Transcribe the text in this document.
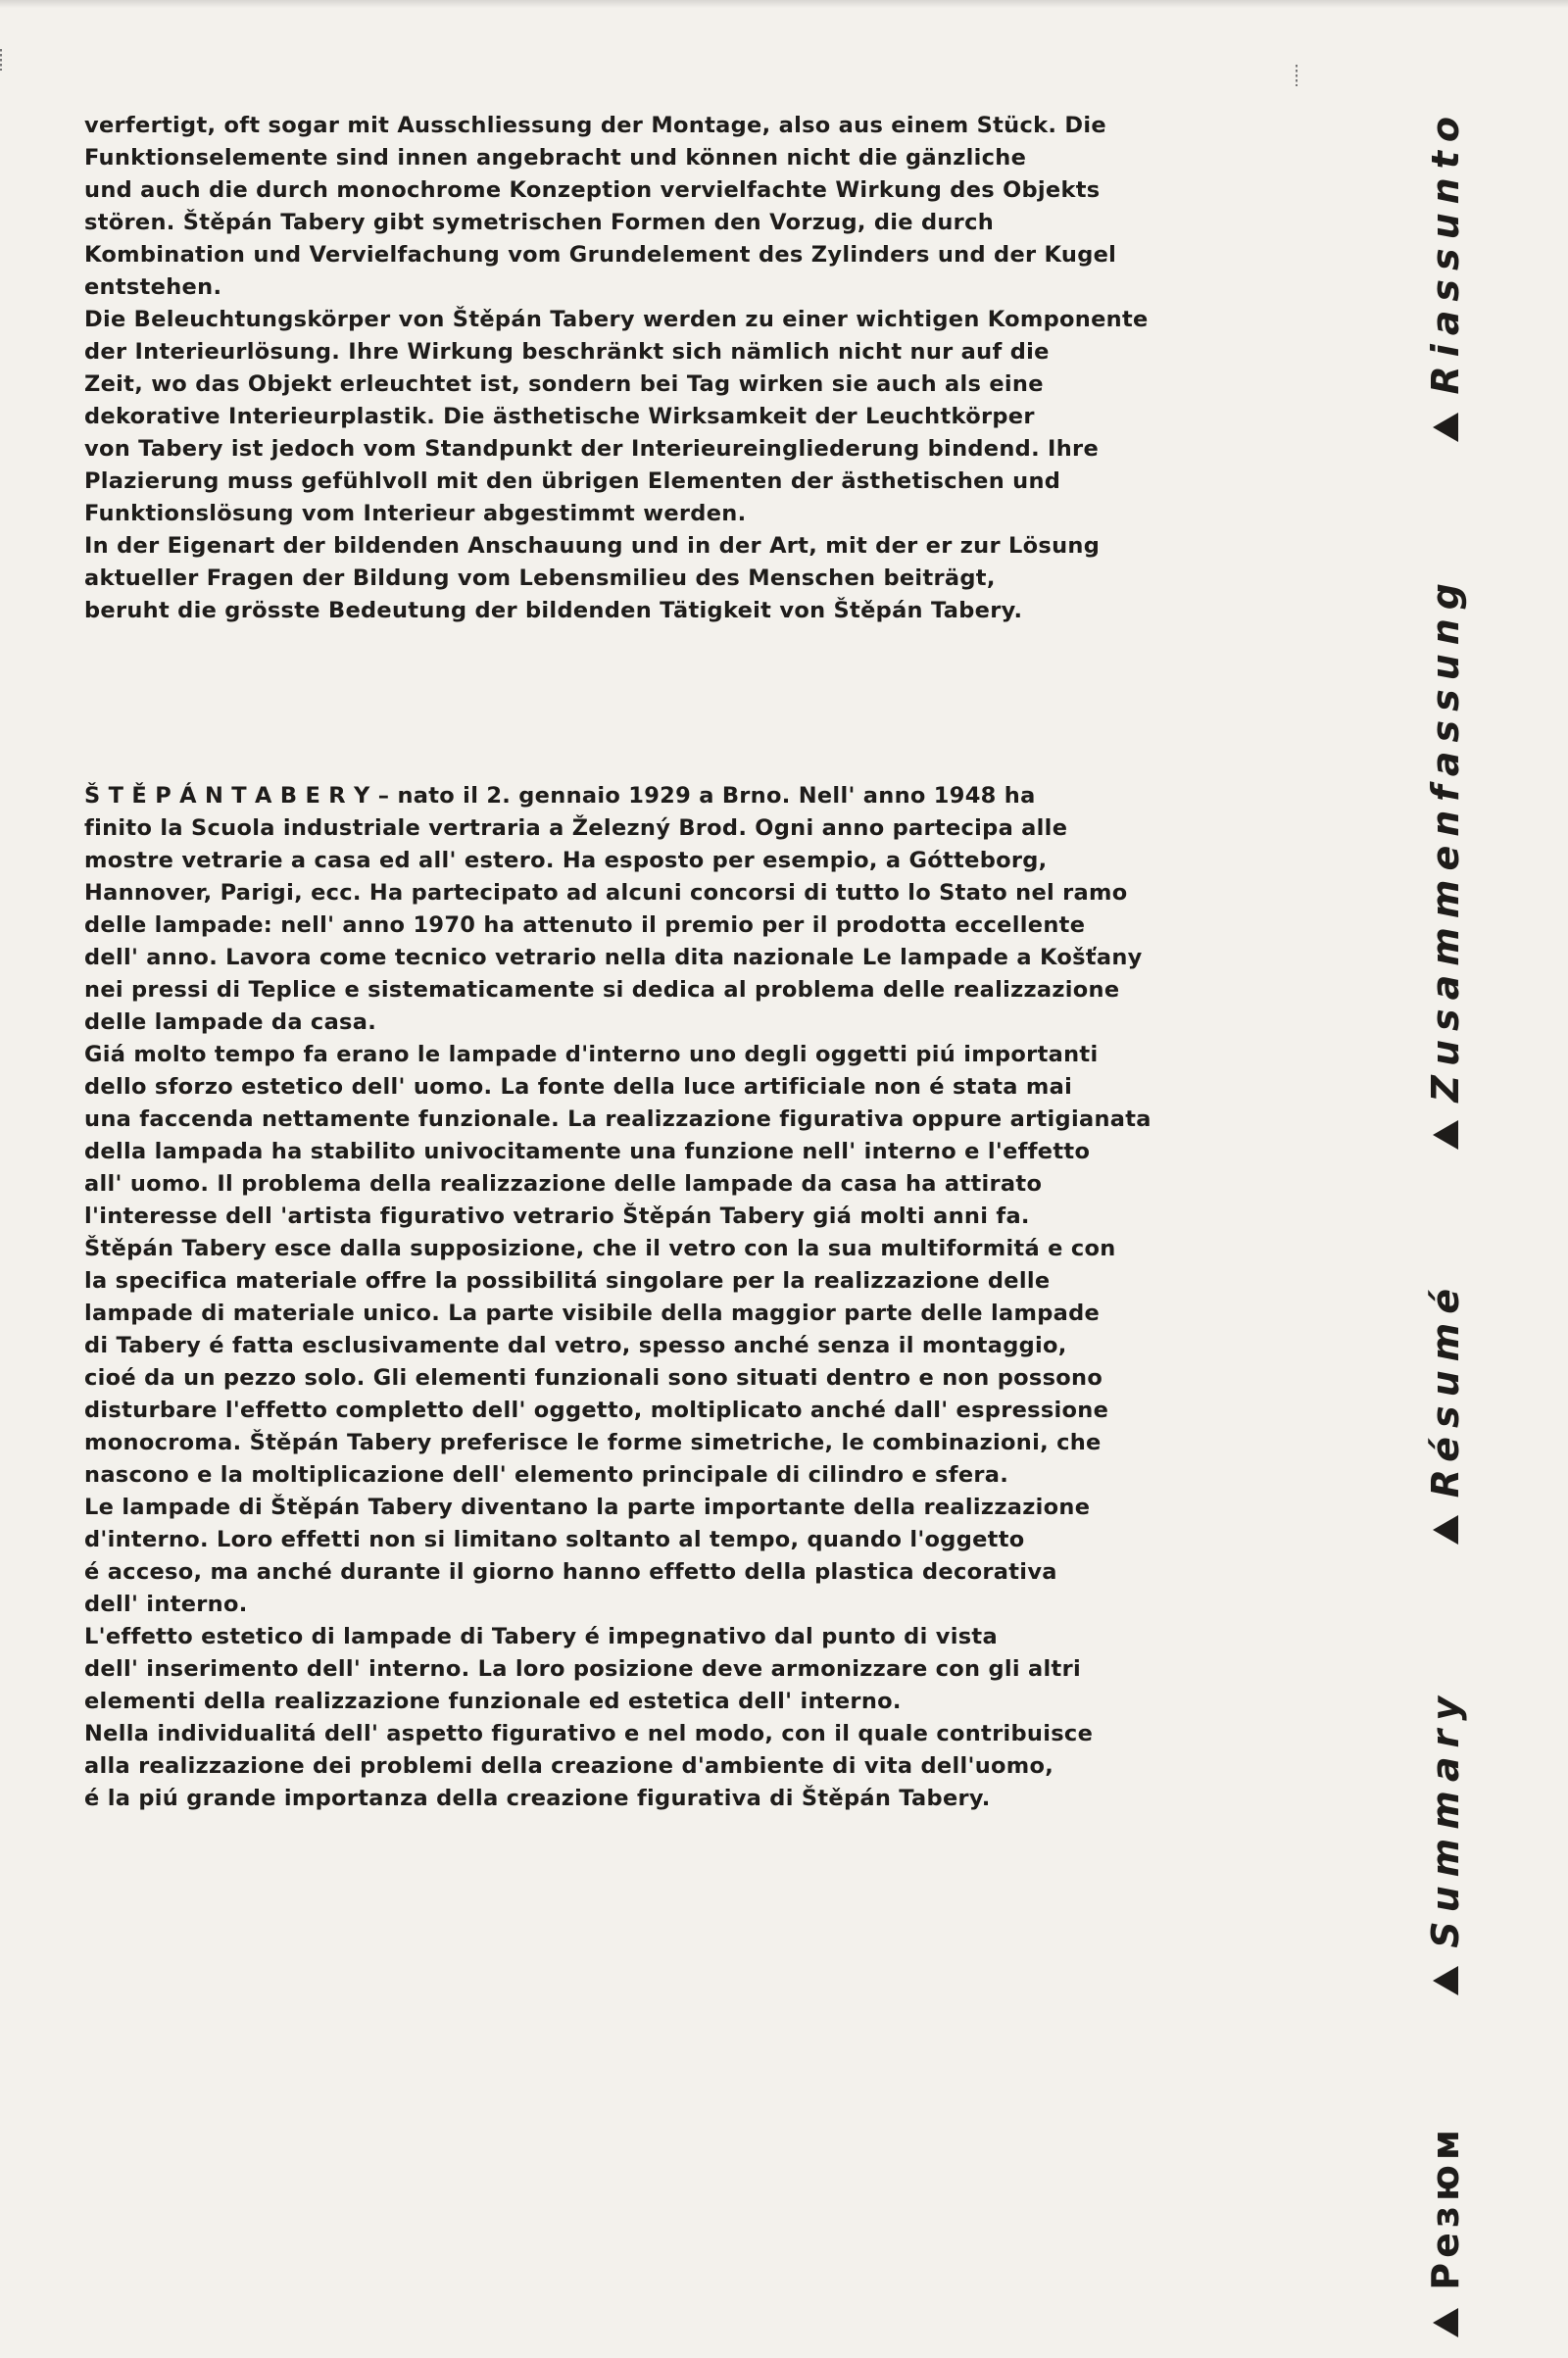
verfertigt, oft sogar mit Ausschliessung der Montage, also aus einem Stück. Die
Funktionselemente sind innen angebracht und können nicht die gänzliche
und auch die durch monochrome Konzeption vervielfachte Wirkung des Objekts
stören. Štěpán Tabery gibt symetrischen Formen den Vorzug, die durch
Kombination und Vervielfachung vom Grundelement des Zylinders und der Kugel
entstehen.
Die Beleuchtungskörper von Štěpán Tabery werden zu einer wichtigen Komponente
der Interieurlösung. Ihre Wirkung beschränkt sich nämlich nicht nur auf die
Zeit, wo das Objekt erleuchtet ist, sondern bei Tag wirken sie auch als eine
dekorative Interieurplastik. Die ästhetische Wirksamkeit der Leuchtkörper
von Tabery ist jedoch vom Standpunkt der Interieureingliederung bindend. Ihre
Plazierung muss gefühlvoll mit den übrigen Elementen der ästhetischen und
Funktionslösung vom Interieur abgestimmt werden.
In der Eigenart der bildenden Anschauung und in der Art, mit der er zur Lösung
aktueller Fragen der Bildung vom Lebensmilieu des Menschen beiträgt,
beruht die grösste Bedeutung der bildenden Tätigkeit von Štěpán Tabery.
Š T Ě P Á N T A B E R Y – nato il 2. gennaio 1929 a Brno. Nell' anno 1948 ha
finito la Scuola industriale vertraria a Železný Brod. Ogni anno partecipa alle
mostre vetrarie a casa ed all' estero. Ha esposto per esempio, a Gótteborg,
Hannover, Parigi, ecc. Ha partecipato ad alcuni concorsi di tutto lo Stato nel ramo
delle lampade: nell' anno 1970 ha attenuto il premio per il prodotta eccellente
dell' anno. Lavora come tecnico vetrario nella dita nazionale Le lampade a Košťany
nei pressi di Teplice e sistematicamente si dedica al problema delle realizzazione
delle lampade da casa.
Giá molto tempo fa erano le lampade d'interno uno degli oggetti piú importanti
dello sforzo estetico dell' uomo. La fonte della luce artificiale non é stata mai
una faccenda nettamente funzionale. La realizzazione figurativa oppure artigianata
della lampada ha stabilito univocitamente una funzione nell' interno e l'effetto
all' uomo. Il problema della realizzazione delle lampade da casa ha attirato
l'interesse dell 'artista figurativo vetrario Štěpán Tabery giá molti anni fa.
Štěpán Tabery esce dalla supposizione, che il vetro con la sua multiformitá e con
la specifica materiale offre la possibilitá singolare per la realizzazione delle
lampade di materiale unico. La parte visibile della maggior parte delle lampade
di Tabery é fatta esclusivamente dal vetro, spesso anché senza il montaggio,
cioé da un pezzo solo. Gli elementi funzionali sono situati dentro e non possono
disturbare l'effetto completto dell' oggetto, moltiplicato anché dall' espressione
monocroma. Štěpán Tabery preferisce le forme simetriche, le combinazioni, che
nascono e la moltiplicazione dell' elemento principale di cilindro e sfera.
Le lampade di Štěpán Tabery diventano la parte importante della realizzazione
d'interno. Loro effetti non si limitano soltanto al tempo, quando l'oggetto
é acceso, ma anché durante il giorno hanno effetto della plastica decorativa
dell' interno.
L'effetto estetico di lampade di Tabery é impegnativo dal punto di vista
dell' inserimento dell' interno. La loro posizione deve armonizzare con gli altri
elementi della realizzazione funzionale ed estetica dell' interno.
Nella individualitá dell' aspetto figurativo e nel modo, con il quale contribuisce
alla realizzazione dei problemi della creazione d'ambiente di vita dell'uomo,
é la piú grande importanza della creazione figurativa di Štěpán Tabery.
Riassunto
Zusammenfassung
Résumé
Summary
Резюм
